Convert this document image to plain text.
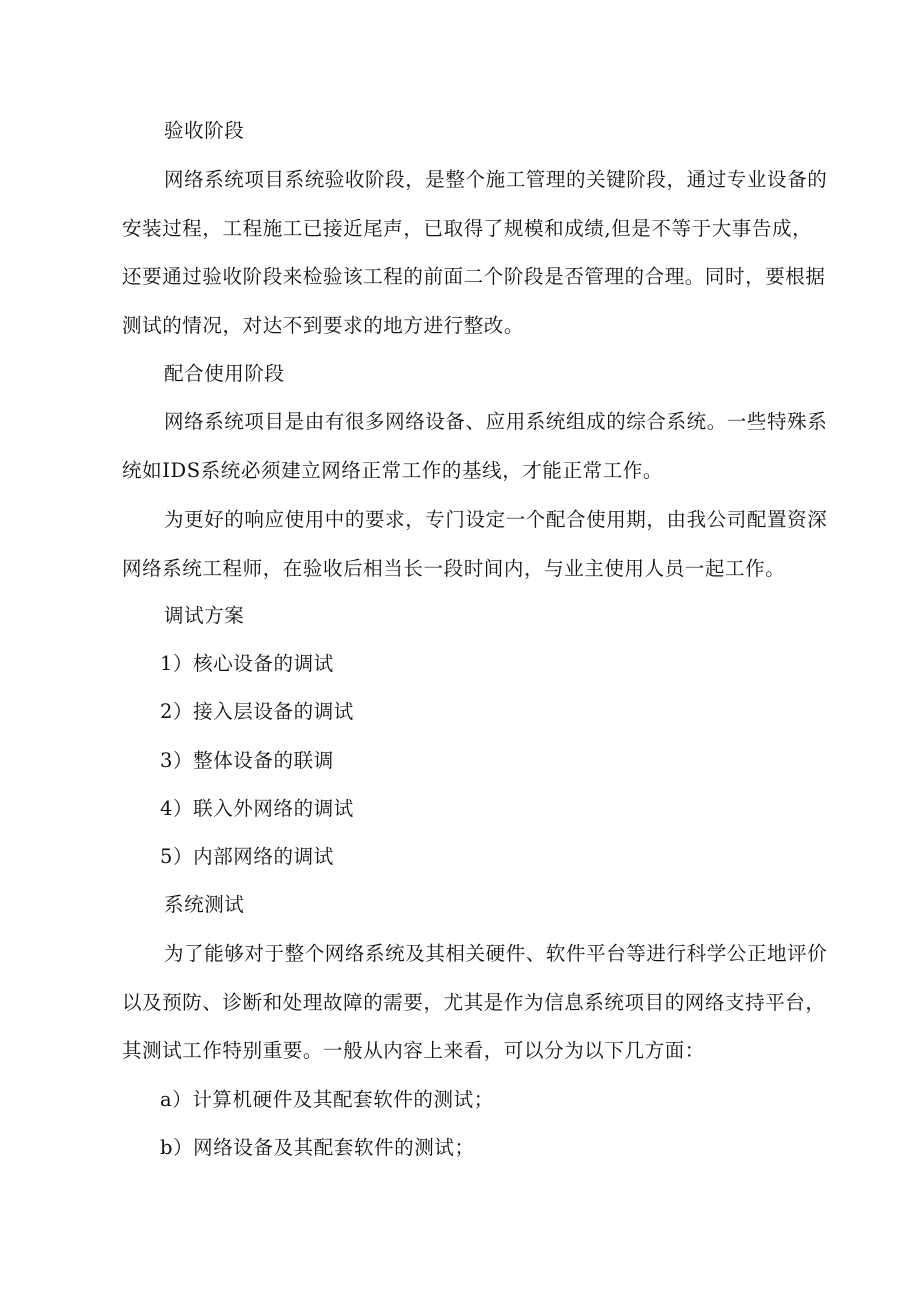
验收阶段

网络系统项目系统验收阶段，是整个施工管理的关键阶段，通过专业设备的
安装过程，工程施工已接近尾声，已取得了规模和成绩,但是不等于大事告成，
还要通过验收阶段来检验该工程的前面二个阶段是否管理的合理。同时，要根据
测试的情况，对达不到要求的地方进行整改。

配合使用阶段

网络系统项目是由有很多网络设备、应用系统组成的综合系统。一些特殊系
统如IDS系统必须建立网络正常工作的基线，才能正常工作。

为更好的响应使用中的要求，专门设定一个配合使用期，由我公司配置资深
网络系统工程师，在验收后相当长一段时间内，与业主使用人员一起工作。

调试方案

1）核心设备的调试

2）接入层设备的调试

3）整体设备的联调

4）联入外网络的调试

5）内部网络的调试

系统测试

为了能够对于整个网络系统及其相关硬件、软件平台等进行科学公正地评价
以及预防、诊断和处理故障的需要，尤其是作为信息系统项目的网络支持平台，
其测试工作特别重要。一般从内容上来看，可以分为以下几方面：

a）计算机硬件及其配套软件的测试；

b）网络设备及其配套软件的测试；
